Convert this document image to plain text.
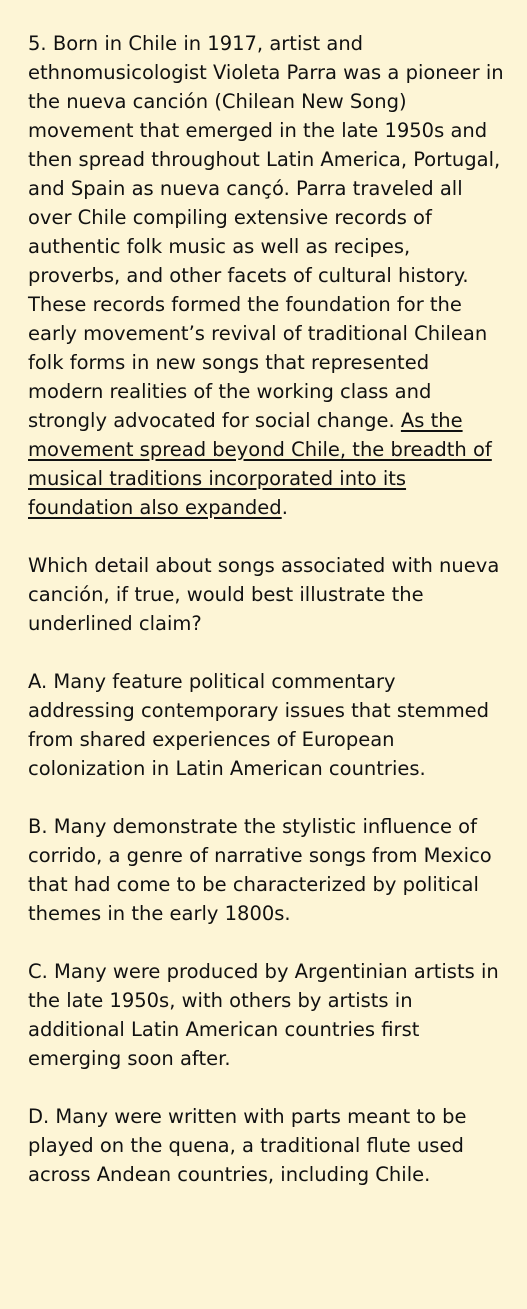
5. Born in Chile in 1917, artist and ethnomusicologist Violeta Parra was a pioneer in the nueva canción (Chilean New Song) movement that emerged in the late 1950s and then spread throughout Latin America, Portugal, and Spain as nueva cançó. Parra traveled all over Chile compiling extensive records of authentic folk music as well as recipes, proverbs, and other facets of cultural history. These records formed the foundation for the early movement’s revival of traditional Chilean folk forms in new songs that represented modern realities of the working class and strongly advocated for social change. As the movement spread beyond Chile, the breadth of musical traditions incorporated into its foundation also expanded.

Which detail about songs associated with nueva canción, if true, would best illustrate the underlined claim?

A. Many feature political commentary addressing contemporary issues that stemmed from shared experiences of European colonization in Latin American countries.

B. Many demonstrate the stylistic influence of corrido, a genre of narrative songs from Mexico that had come to be characterized by political themes in the early 1800s.

C. Many were produced by Argentinian artists in the late 1950s, with others by artists in additional Latin American countries first emerging soon after.

D. Many were written with parts meant to be played on the quena, a traditional flute used across Andean countries, including Chile.
